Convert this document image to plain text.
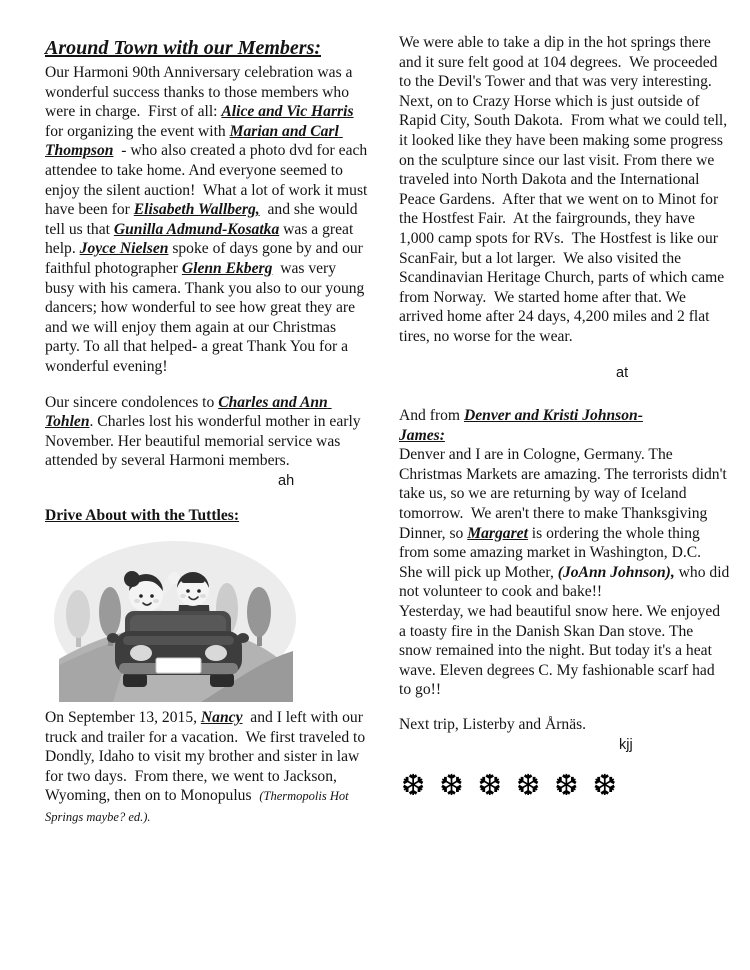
Around Town with our Members:

Our Harmoni 90th Anniversary celebration was a wonderful success thanks to those members who were in charge.  First of all: Alice and Vic Harris  for organizing the event with Marian and Carl Thompson  - who also created a photo dvd for each attendee to take home. And everyone seemed to enjoy the silent auction!  What a lot of work it must have been for Elisabeth Wallberg,  and she would tell us that Gunilla Admund-Kosatka was a great help. Joyce Nielsen spoke of days gone by and our faithful photographer Glenn Ekberg  was very busy with his camera. Thank you also to our young dancers; how wonderful to see how great they are and we will enjoy them again at our Christmas party. To all that helped- a great Thank You for a wonderful evening!

Our sincere condolences to Charles and Ann Tohlen. Charles lost his wonderful mother in early November. Her beautiful memorial service was attended by several Harmoni members.

ah

Drive About with the Tuttles:

On September 13, 2015, Nancy  and I left with our truck and trailer for a vacation.  We first traveled to Dondly, Idaho to visit my brother and sister in law for two days.  From there, we went to Jackson, Wyoming, then on to Monopulus  (Thermopolis Hot Springs maybe? ed.).

We were able to take a dip in the hot springs there and it sure felt good at 104 degrees.  We proceeded to the Devil's Tower and that was very interesting. Next, on to Crazy Horse which is just outside of Rapid City, South Dakota.  From what we could tell, it looked like they have been making some progress on the sculpture since our last visit. From there we traveled into North Dakota and the International Peace Gardens.  After that we went on to Minot for the Hostfest Fair.  At the fairgrounds, they have 1,000 camp spots for RVs.  The Hostfest is like our ScanFair, but a lot larger.  We also visited the Scandinavian Heritage Church, parts of which came from Norway.  We started home after that. We arrived home after 24 days, 4,200 miles and 2 flat tires, no worse for the wear.

at

And from Denver and Kristi Johnson-
James:

Denver and I are in Cologne, Germany. The Christmas Markets are amazing. The terrorists didn't take us, so we are returning by way of Iceland tomorrow.  We aren't there to make Thanksgiving Dinner, so Margaret is ordering the whole thing from some amazing market in Washington, D.C.  She will pick up Mother, (JoAnn Johnson), who did not volunteer to cook and bake!!
Yesterday, we had beautiful snow here. We enjoyed a toasty fire in the Danish Skan Dan stove. The snow remained into the night. But today it's a heat wave. Eleven degrees C. My fashionable scarf had to go!!

Next trip, Listerby and Årnäs.

kjj

❆❆❆❆❆❆
